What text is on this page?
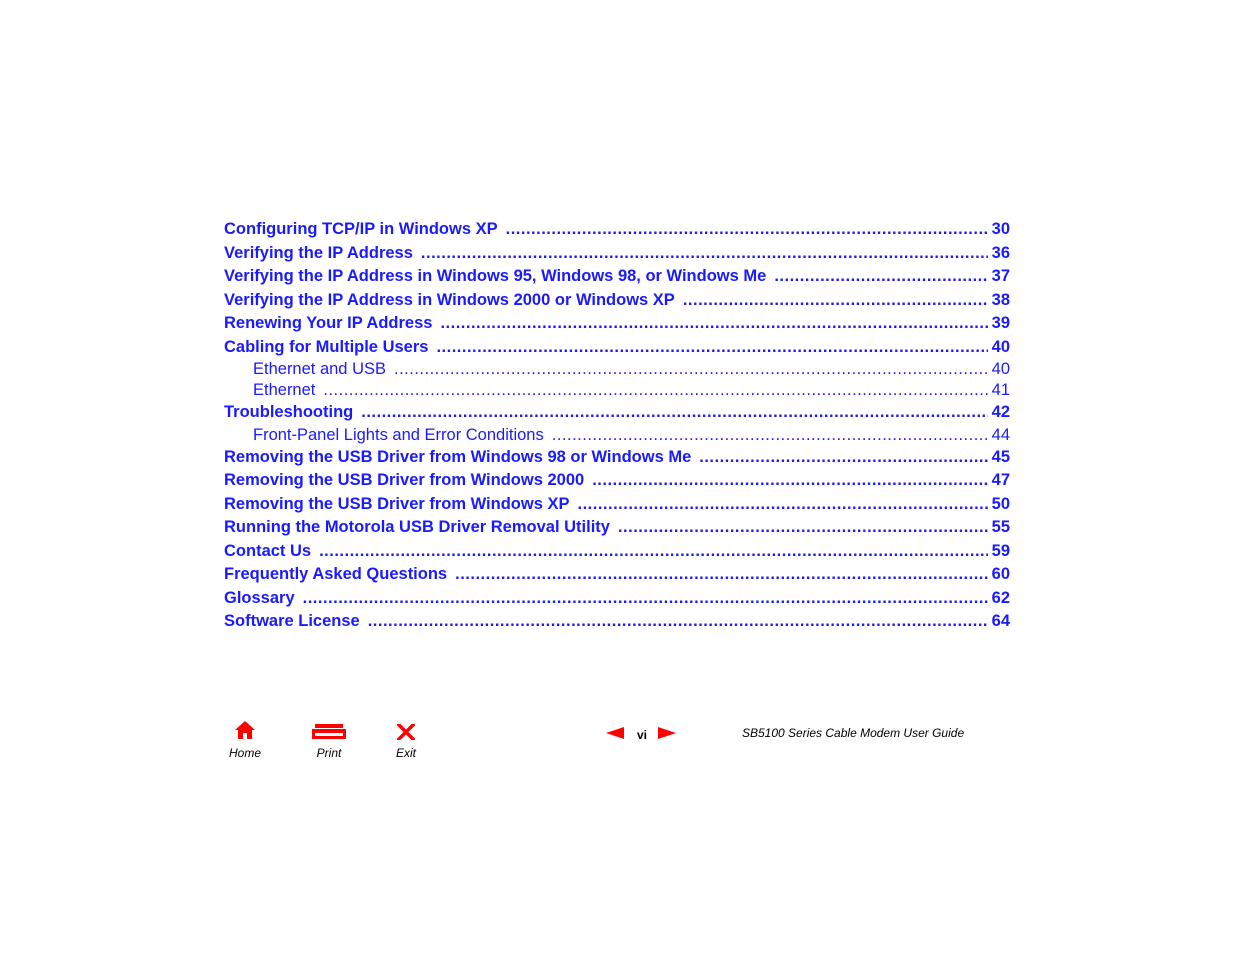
Configuring TCP/IP in Windows XP .....	30
Verifying the IP Address .....	36
Verifying the IP Address in Windows 95, Windows 98, or Windows Me .....	37
Verifying the IP Address in Windows 2000 or Windows XP .....	38
Renewing Your IP Address .....	39
Cabling for Multiple Users .....	40
Ethernet and USB .....	40
Ethernet .....	41
Troubleshooting .....	42
Front-Panel Lights and Error Conditions .....	44
Removing the USB Driver from Windows 98 or Windows Me .....	45
Removing the USB Driver from Windows 2000 .....	47
Removing the USB Driver from Windows XP .....	50
Running the Motorola USB Driver Removal Utility .....	55
Contact Us .....	59
Frequently Asked Questions .....	60
Glossary .....	62
Software License .....	64
Home	Print	Exit
vi	SB5100 Series Cable Modem User Guide
